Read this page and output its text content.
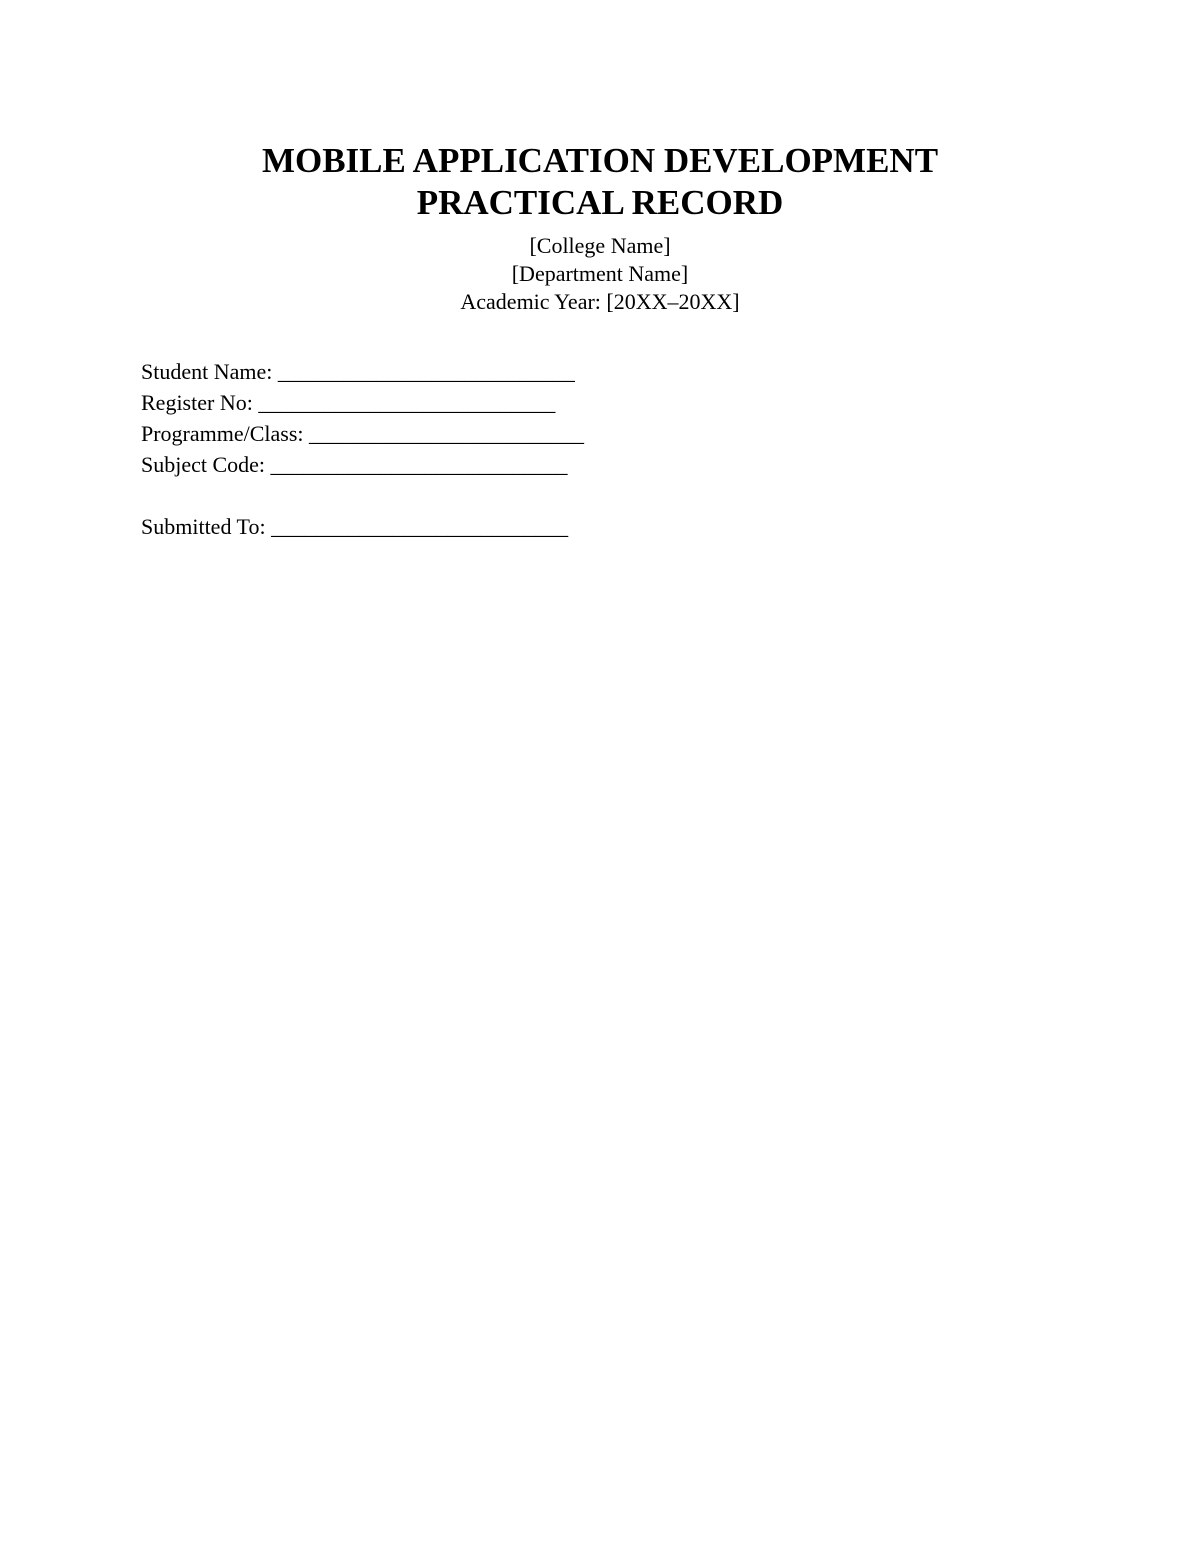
MOBILE APPLICATION DEVELOPMENT
PRACTICAL RECORD
[College Name]
[Department Name]
Academic Year: [20XX–20XX]
Student Name: ___________________________
Register No: ___________________________
Programme/Class: _________________________
Subject Code: ___________________________
Submitted To: ___________________________
